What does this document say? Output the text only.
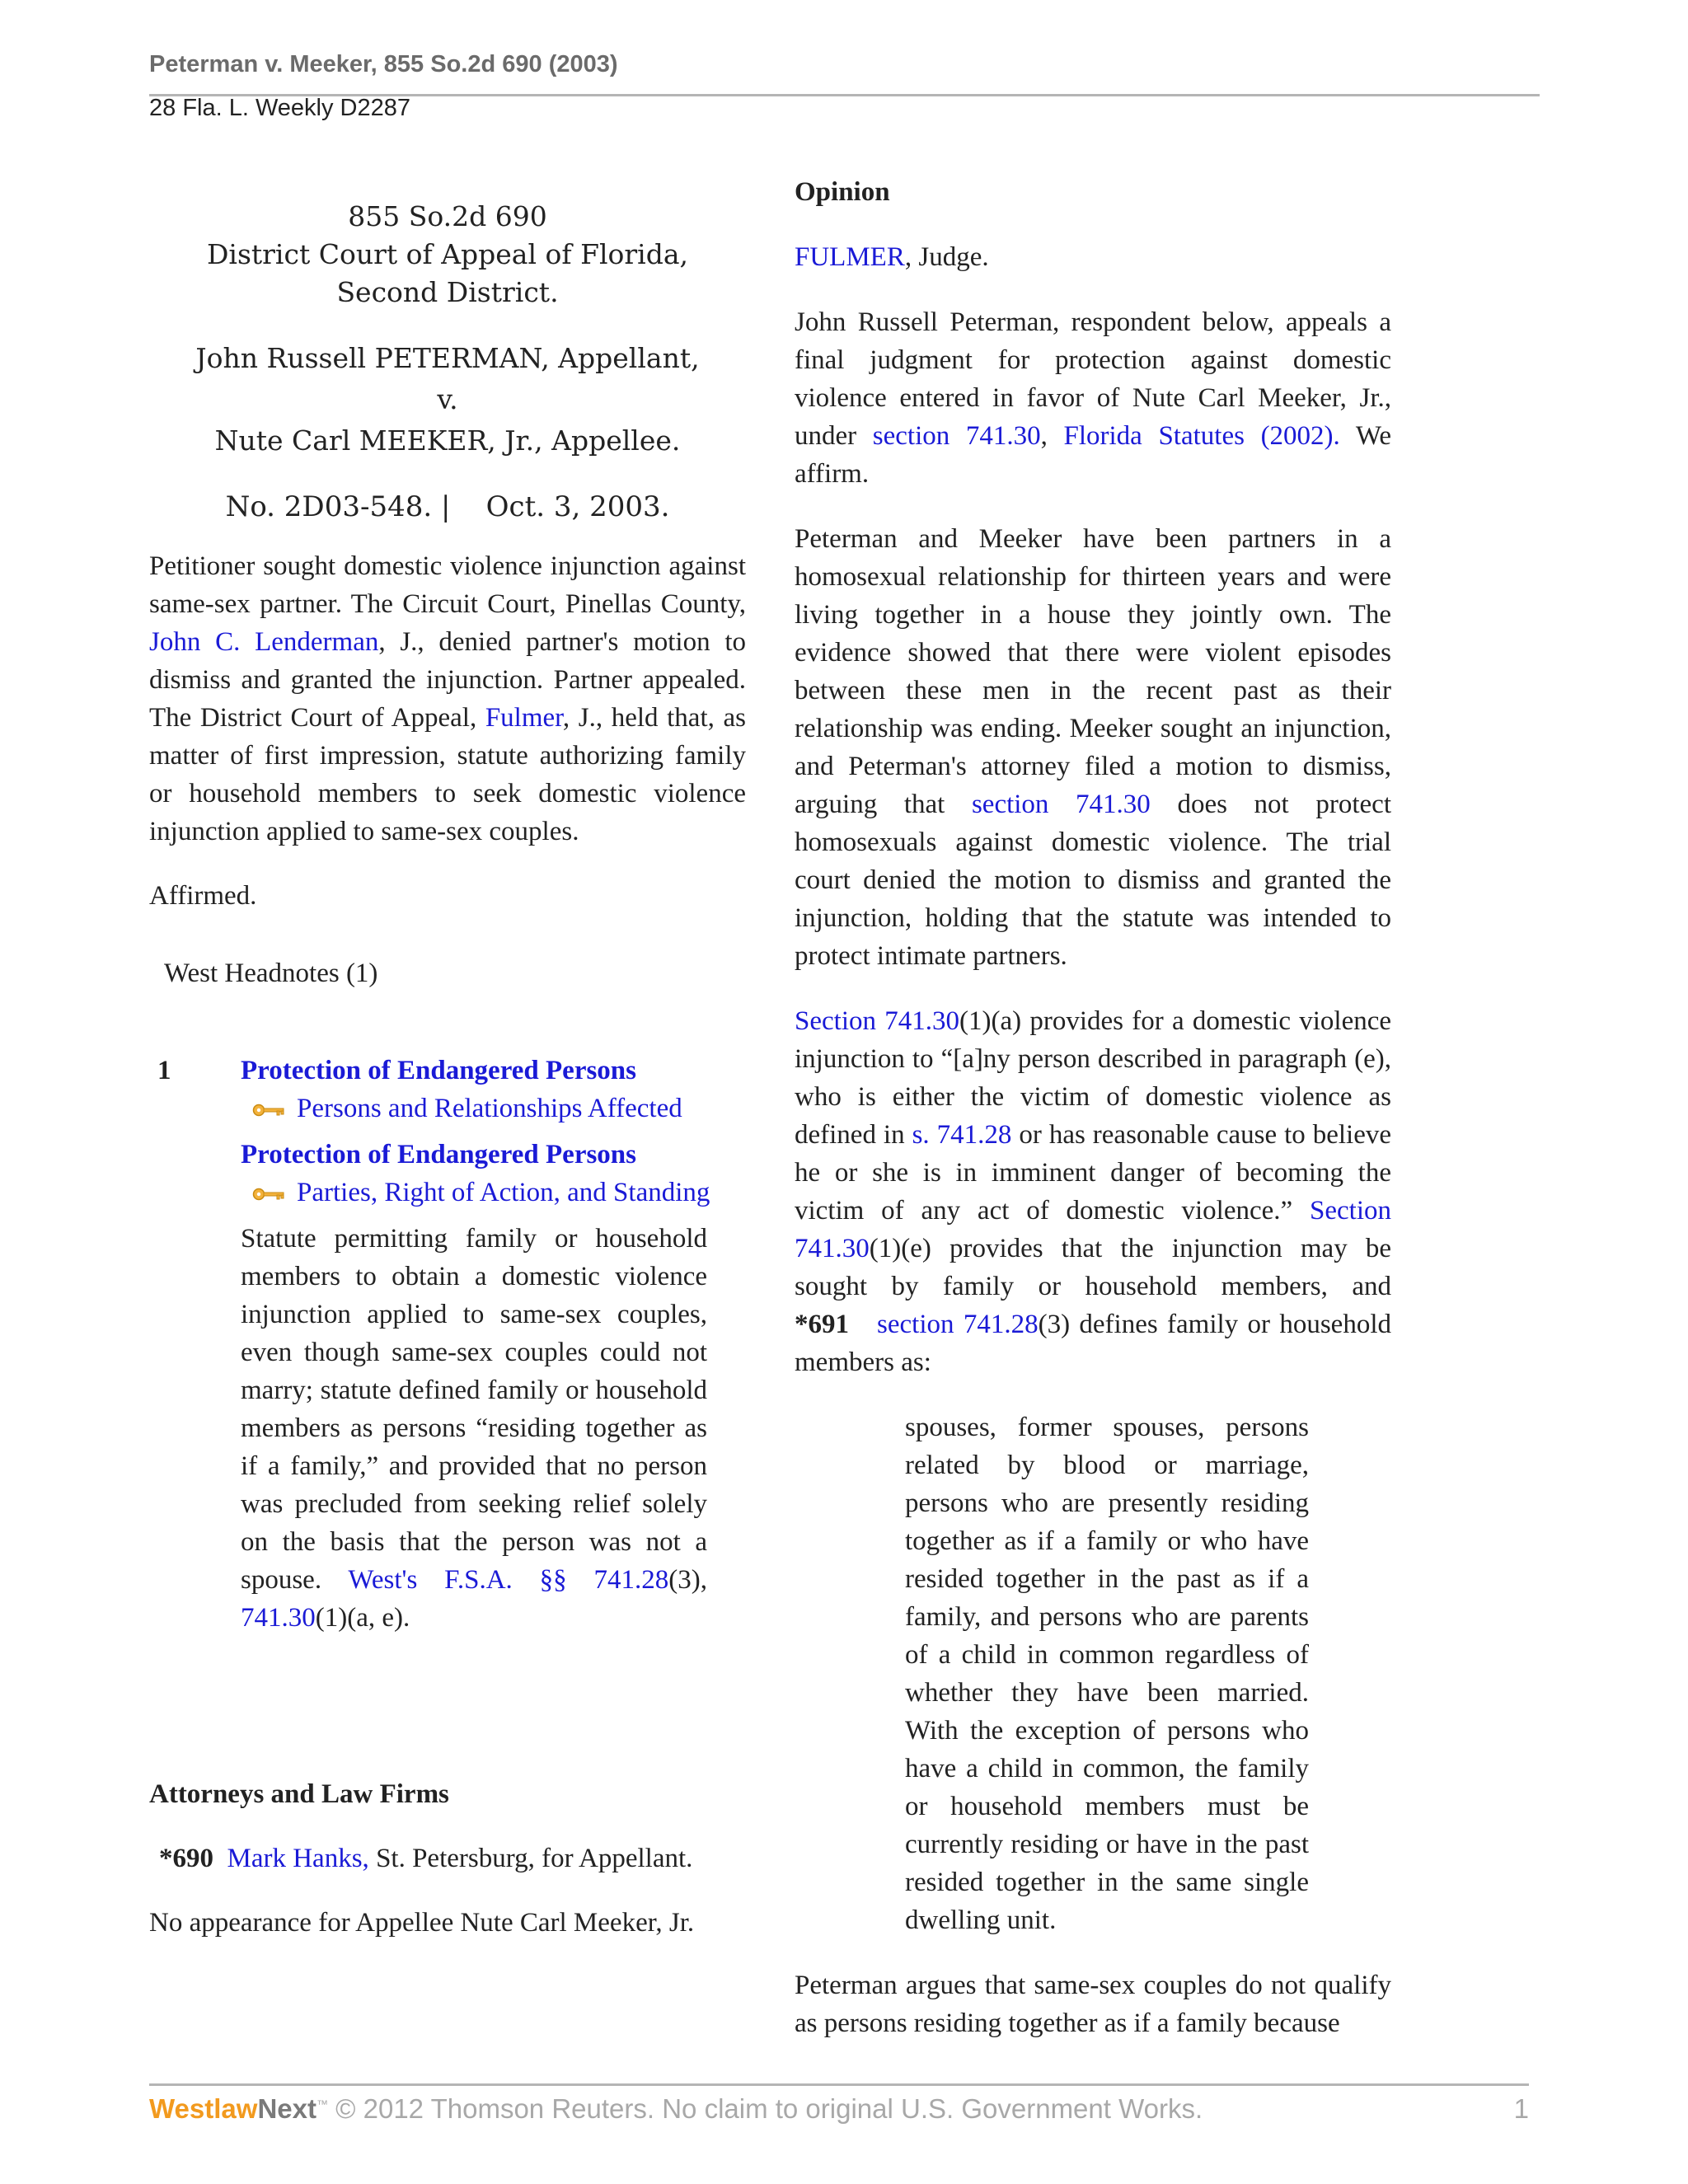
Peterman v. Meeker, 855 So.2d 690 (2003)
28 Fla. L. Weekly D2287
855 So.2d 690
District Court of Appeal of Florida,
Second District.
John Russell PETERMAN, Appellant,
v.
Nute Carl MEEKER, Jr., Appellee.
No. 2D03-548. | Oct. 3, 2003.

Petitioner sought domestic violence injunction against same-sex partner. The Circuit Court, Pinellas County, John C. Lenderman, J., denied partner's motion to dismiss and granted the injunction. Partner appealed. The District Court of Appeal, Fulmer, J., held that, as matter of first impression, statute authorizing family or household members to seek domestic violence injunction applied to same-sex couples.

Affirmed.

West Headnotes (1)

1	Protection of Endangered Persons
Persons and Relationships Affected
Protection of Endangered Persons
Parties, Right of Action, and Standing

Statute permitting family or household members to obtain a domestic violence injunction applied to same-sex couples, even though same-sex couples could not marry; statute defined family or household members as persons “residing together as if a family,” and provided that no person was precluded from seeking relief solely on the basis that the person was not a spouse. West's F.S.A. §§ 741.28(3), 741.30(1)(a, e).

Attorneys and Law Firms

*690 Mark Hanks, St. Petersburg, for Appellant.

No appearance for Appellee Nute Carl Meeker, Jr.

Opinion

FULMER, Judge.

John Russell Peterman, respondent below, appeals a final judgment for protection against domestic violence entered in favor of Nute Carl Meeker, Jr., under section 741.30, Florida Statutes (2002). We affirm.

Peterman and Meeker have been partners in a homosexual relationship for thirteen years and were living together in a house they jointly own. The evidence showed that there were violent episodes between these men in the recent past as their relationship was ending. Meeker sought an injunction, and Peterman's attorney filed a motion to dismiss, arguing that section 741.30 does not protect homosexuals against domestic violence. The trial court denied the motion to dismiss and granted the injunction, holding that the statute was intended to protect intimate partners.

Section 741.30(1)(a) provides for a domestic violence injunction to “[a]ny person described in paragraph (e), who is either the victim of domestic violence as defined in s. 741.28 or has reasonable cause to believe he or she is in imminent danger of becoming the victim of any act of domestic violence.” Section 741.30(1)(e) provides that the injunction may be sought by family or household members, and *691 section 741.28(3) defines family or household members as:

spouses, former spouses, persons related by blood or marriage, persons who are presently residing together as if a family or who have resided together in the past as if a family, and persons who are parents of a child in common regardless of whether they have been married. With the exception of persons who have a child in common, the family or household members must be currently residing or have in the past resided together in the same single dwelling unit.

Peterman argues that same-sex couples do not qualify as persons residing together as if a family because

WestlawNext™ © 2012 Thomson Reuters. No claim to original U.S. Government Works.	1
